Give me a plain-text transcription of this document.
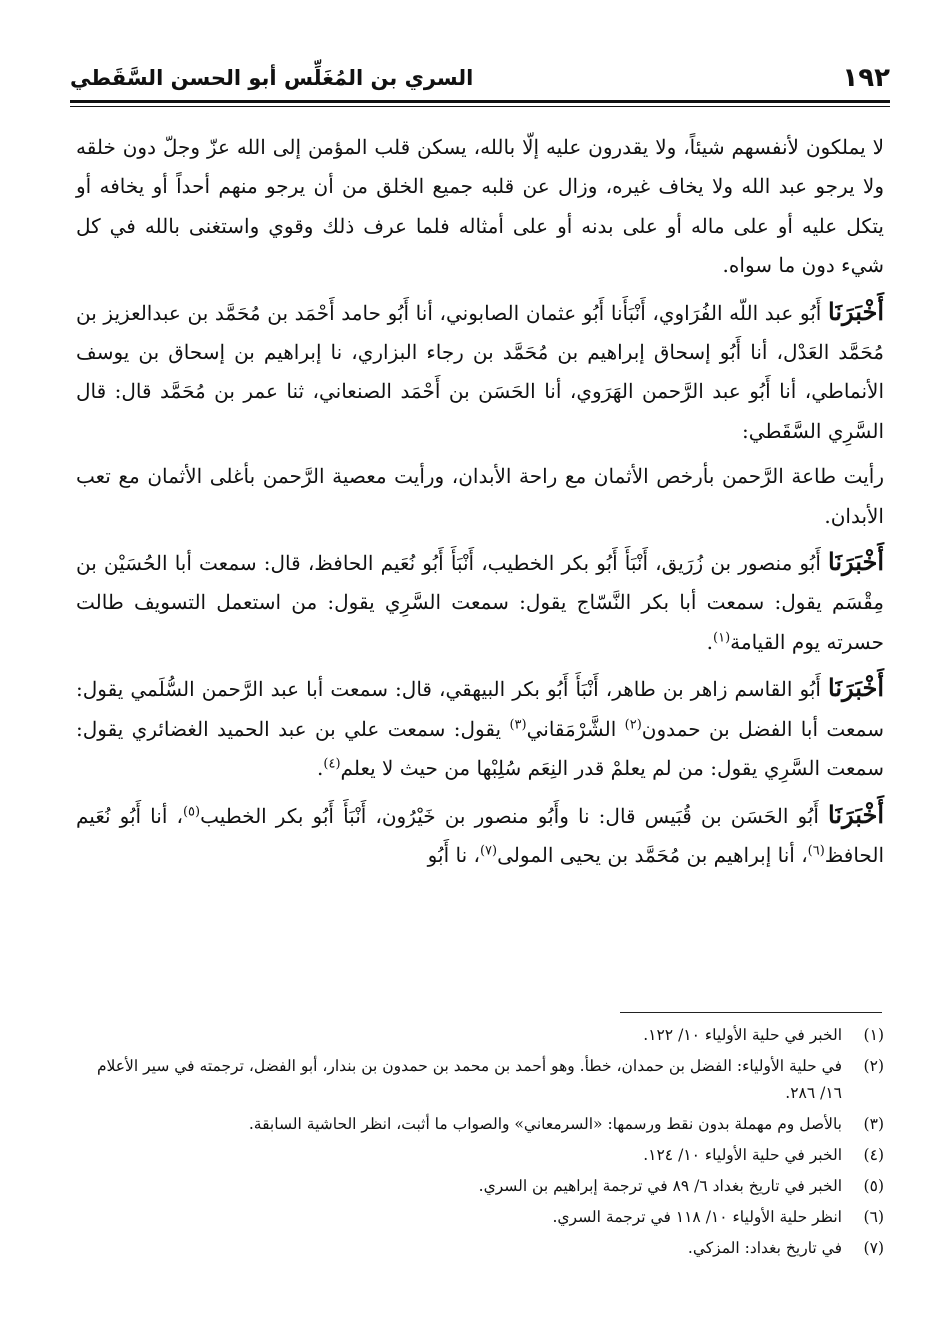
١٩٢
السري بن المُغَلِّس أبو الحسن السَّقَطي

لا يملكون لأنفسهم شيئاً، ولا يقدرون عليه إلّا بالله، يسكن قلب المؤمن إلى الله عزّ وجلّ دون خلقه ولا يرجو عبد الله ولا يخاف غيره، وزال عن قلبه جميع الخلق من أن يرجو منهم أحداً أو يخافه أو يتكل عليه أو على ماله أو على بدنه أو على أمثاله فلما عرف ذلك وقوي واستغنى بالله في كل شيء دون ما سواه.

أَخْبَرَنَا أَبُو عبد اللّه الفُرَاوي، أَنْبَأَنا أَبُو عثمان الصابوني، أنا أَبُو حامد أَحْمَد بن مُحَمَّد بن عبدالعزيز بن مُحَمَّد العَدْل، أنا أَبُو إسحاق إبراهيم بن مُحَمَّد بن رجاء البزاري، نا إبراهيم بن إسحاق بن يوسف الأنماطي، أنا أَبُو عبد الرَّحمن الهَرَوي، أنا الحَسَن بن أَحْمَد الصنعاني، ثنا عمر بن مُحَمَّد قال: قال السَّرِي السَّقَطي:

رأيت طاعة الرَّحمن بأرخص الأثمان مع راحة الأبدان، ورأيت معصية الرَّحمن بأغلى الأثمان مع تعب الأبدان.

أَخْبَرَنَا أَبُو منصور بن زُرَيق، أَنْبَأَ أَبُو بكر الخطيب، أَنْبَأَ أَبُو نُعَيم الحافظ، قال: سمعت أبا الحُسَيْن بن مِقْسَم يقول: سمعت أبا بكر النَّسّاج يقول: سمعت السَّرِي يقول: من استعمل التسويف طالت حسرته يوم القيامة$^{(١)}$.

أَخْبَرَنَا أَبُو القاسم زاهر بن طاهر، أَنْبَأَ أَبُو بكر البيهقي، قال: سمعت أبا عبد الرَّحمن السُّلَمي يقول: سمعت أبا الفضل بن حمدون$^{(٢)}$ الشَّرْمَقاني$^{(٣)}$ يقول: سمعت علي بن عبد الحميد الغضائري يقول: سمعت السَّرِي يقول: من لم يعلمْ قدر النِعَم سُلِبْها من حيث لا يعلم$^{(٤)}$.

أَخْبَرَنَا أَبُو الحَسَن بن قُبَيس قال: نا وأَبُو منصور بن خَيْرُون، أَنْبَأَ أَبُو بكر الخطيب$^{(٥)}$، أنا أَبُو نُعَيم الحافظ$^{(٦)}$، أنا إبراهيم بن مُحَمَّد بن يحيى المولى$^{(٧)}$، نا أَبُو

(١)
الخبر في حلية الأولياء ١٠/ ١٢٢.
(٢)
في حلية الأولياء: الفضل بن حمدان، خطأ. وهو أحمد بن محمد بن حمدون بن بندار، أبو الفضل، ترجمته في سير الأعلام ١٦/ ٢٨٦.
(٣)
بالأصل وم مهملة بدون نقط ورسمها: «السرمعاني» والصواب ما أثبت، انظر الحاشية السابقة.
(٤)
الخبر في حلية الأولياء ١٠/ ١٢٤.
(٥)
الخبر في تاريخ بغداد ٦/ ٨٩ في ترجمة إبراهيم بن السري.
(٦)
انظر حلية الأولياء ١٠/ ١١٨ في ترجمة السري.
(٧)
في تاريخ بغداد: المزكي.
